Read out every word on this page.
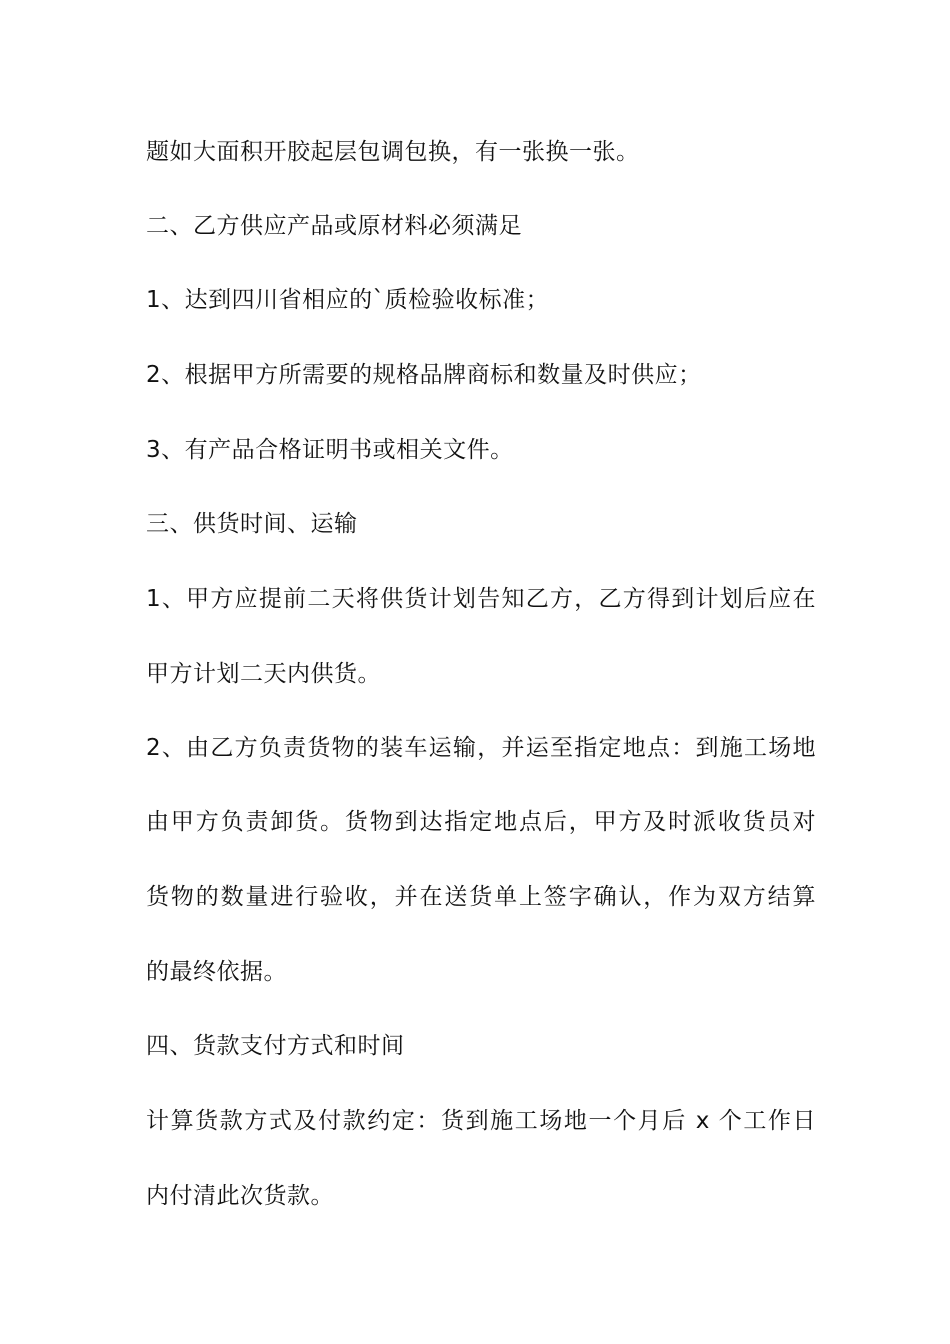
题如大面积开胶起层包调包换，有一张换一张。
二、乙方供应产品或原材料必须满足
1、达到四川省相应的`质检验收标准；
2、根据甲方所需要的规格品牌商标和数量及时供应；
3、有产品合格证明书或相关文件。
三、供货时间、运输
1、甲方应提前二天将供货计划告知乙方，乙方得到计划后应在
甲方计划二天内供货。
2、由乙方负责货物的装车运输，并运至指定地点：到施工场地
由甲方负责卸货。货物到达指定地点后，甲方及时派收货员对
货物的数量进行验收，并在送货单上签字确认，作为双方结算
的最终依据。
四、货款支付方式和时间
计算货款方式及付款约定：货到施工场地一个月后 x 个工作日
内付清此次货款。
